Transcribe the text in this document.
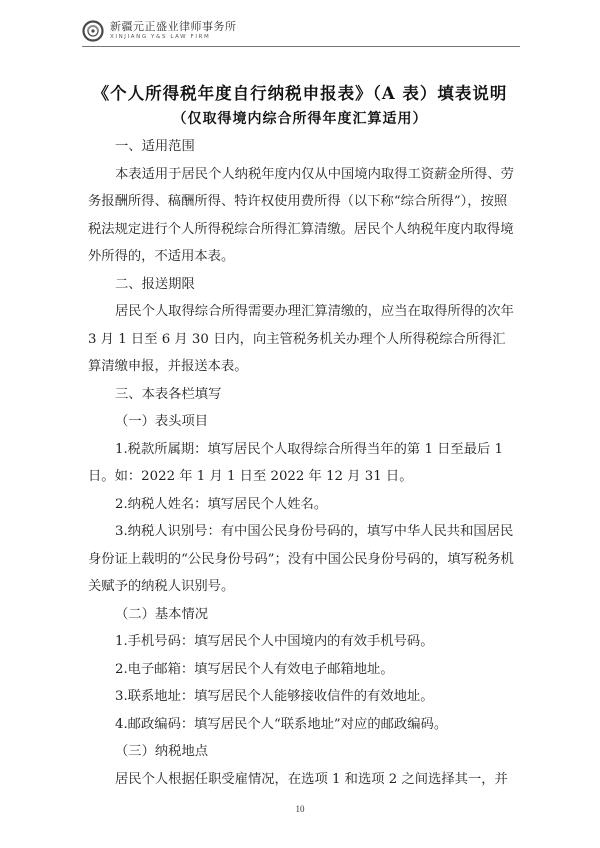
新疆元正盛业律师事务所
XINJIANG Y&S LAW FIRM
《个人所得税年度自行纳税申报表》（A 表）填表说明
（仅取得境内综合所得年度汇算适用）

一、适用范围

本表适用于居民个人纳税年度内仅从中国境内取得工资薪金所得、劳务报酬所得、稿酬所得、特许权使用费所得（以下称“综合所得”），按照税法规定进行个人所得税综合所得汇算清缴。居民个人纳税年度内取得境外所得的，不适用本表。

二、报送期限

居民个人取得综合所得需要办理汇算清缴的，应当在取得所得的次年 3 月 1 日至 6 月 30 日内，向主管税务机关办理个人所得税综合所得汇算清缴申报，并报送本表。

三、本表各栏填写

（一）表头项目

1.税款所属期：填写居民个人取得综合所得当年的第 1 日至最后 1 日。如：2022 年 1 月 1 日至 2022 年 12 月 31 日。

2.纳税人姓名：填写居民个人姓名。

3.纳税人识别号：有中国公民身份号码的，填写中华人民共和国居民身份证上载明的“公民身份号码”；没有中国公民身份号码的，填写税务机关赋予的纳税人识别号。

（二）基本情况

1.手机号码：填写居民个人中国境内的有效手机号码。

2.电子邮箱：填写居民个人有效电子邮箱地址。

3.联系地址：填写居民个人能够接收信件的有效地址。

4.邮政编码：填写居民个人“联系地址”对应的邮政编码。

（三）纳税地点

居民个人根据任职受雇情况，在选项 1 和选项 2 之间选择其一，并

10
